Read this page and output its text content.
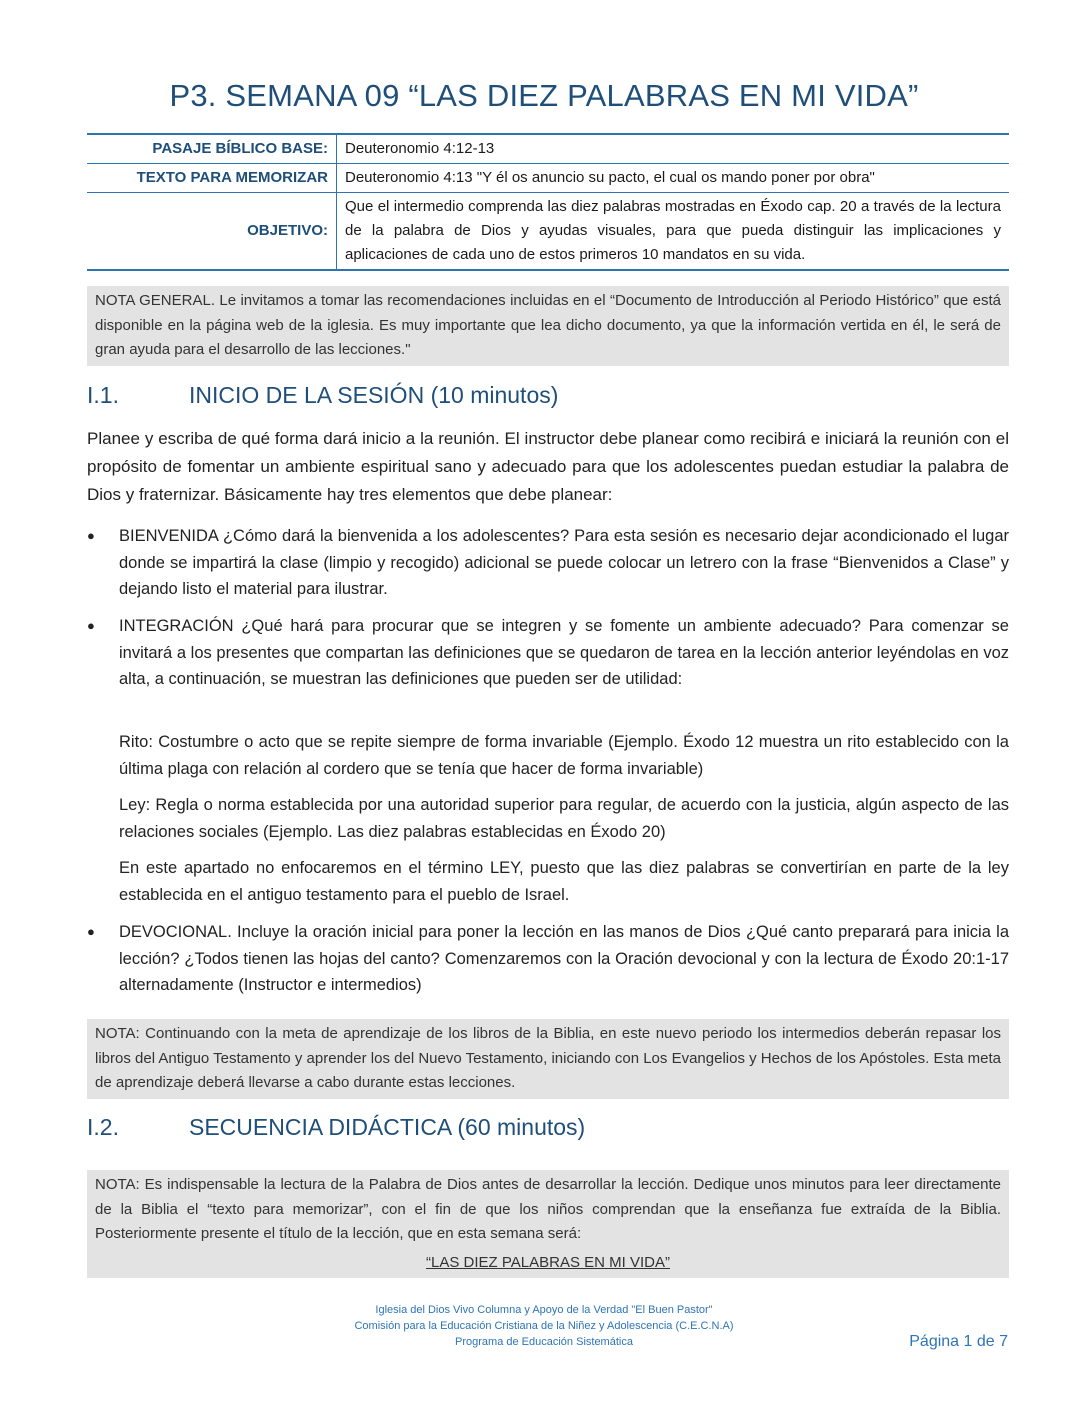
P3. SEMANA 09 “LAS DIEZ PALABRAS EN MI VIDA”
PASAJE BÍBLICO BASE:	Deuteronomio 4:12-13
TEXTO PARA MEMORIZAR	Deuteronomio 4:13 "Y él os anuncio su pacto, el cual os mando poner por obra"
OBJETIVO:	Que el intermedio comprenda las diez palabras mostradas en Éxodo cap. 20 a través de la lectura de la palabra de Dios y ayudas visuales, para que pueda distinguir las implicaciones y aplicaciones de cada uno de estos primeros 10 mandatos en su vida.
NOTA GENERAL. Le invitamos a tomar las recomendaciones incluidas en el “Documento de Introducción al Periodo Histórico” que está disponible en la página web de la iglesia. Es muy importante que lea dicho documento, ya que la información vertida en él, le será de gran ayuda para el desarrollo de las lecciones."
I.1.	INICIO DE LA SESIÓN (10 minutos)
Planee y escriba de qué forma dará inicio a la reunión. El instructor debe planear como recibirá e iniciará la reunión con el propósito de fomentar un ambiente espiritual sano y adecuado para que los adolescentes puedan estudiar la palabra de Dios y fraternizar. Básicamente hay tres elementos que debe planear:
●	BIENVENIDA ¿Cómo dará la bienvenida a los adolescentes? Para esta sesión es necesario dejar acondicionado el lugar donde se impartirá la clase (limpio y recogido) adicional se puede colocar un letrero con la frase “Bienvenidos a Clase” y dejando listo el material para ilustrar.
●	INTEGRACIÓN ¿Qué hará para procurar que se integren y se fomente un ambiente adecuado? Para comenzar se invitará a los presentes que compartan las definiciones que se quedaron de tarea en la lección anterior leyéndolas en voz alta, a continuación, se muestran las definiciones que pueden ser de utilidad:
Rito: Costumbre o acto que se repite siempre de forma invariable (Ejemplo. Éxodo 12 muestra un rito establecido con la última plaga con relación al cordero que se tenía que hacer de forma invariable)
Ley: Regla o norma establecida por una autoridad superior para regular, de acuerdo con la justicia, algún aspecto de las relaciones sociales (Ejemplo. Las diez palabras establecidas en Éxodo 20)
En este apartado no enfocaremos en el término LEY, puesto que las diez palabras se convertirían en parte de la ley establecida en el antiguo testamento para el pueblo de Israel.
●	DEVOCIONAL. Incluye la oración inicial para poner la lección en las manos de Dios ¿Qué canto preparará para inicia la lección? ¿Todos tienen las hojas del canto? Comenzaremos con la Oración devocional y con la lectura de Éxodo 20:1-17 alternadamente (Instructor e intermedios)
NOTA: Continuando con la meta de aprendizaje de los libros de la Biblia, en este nuevo periodo los intermedios deberán repasar los libros del Antiguo Testamento y aprender los del Nuevo Testamento, iniciando con Los Evangelios y Hechos de los Apóstoles. Esta meta de aprendizaje deberá llevarse a cabo durante estas lecciones.
I.2.	SECUENCIA DIDÁCTICA (60 minutos)
NOTA: Es indispensable la lectura de la Palabra de Dios antes de desarrollar la lección. Dedique unos minutos para leer directamente de la Biblia el “texto para memorizar”, con el fin de que los niños comprendan que la enseñanza fue extraída de la Biblia. Posteriormente presente el título de la lección, que en esta semana será:
“LAS DIEZ PALABRAS EN MI VIDA”
Iglesia del Dios Vivo Columna y Apoyo de la Verdad "El Buen Pastor"
Comisión para la Educación Cristiana de la Niñez y Adolescencia (C.E.C.N.A)
Programa de Educación Sistemática	Página 1 de 7
